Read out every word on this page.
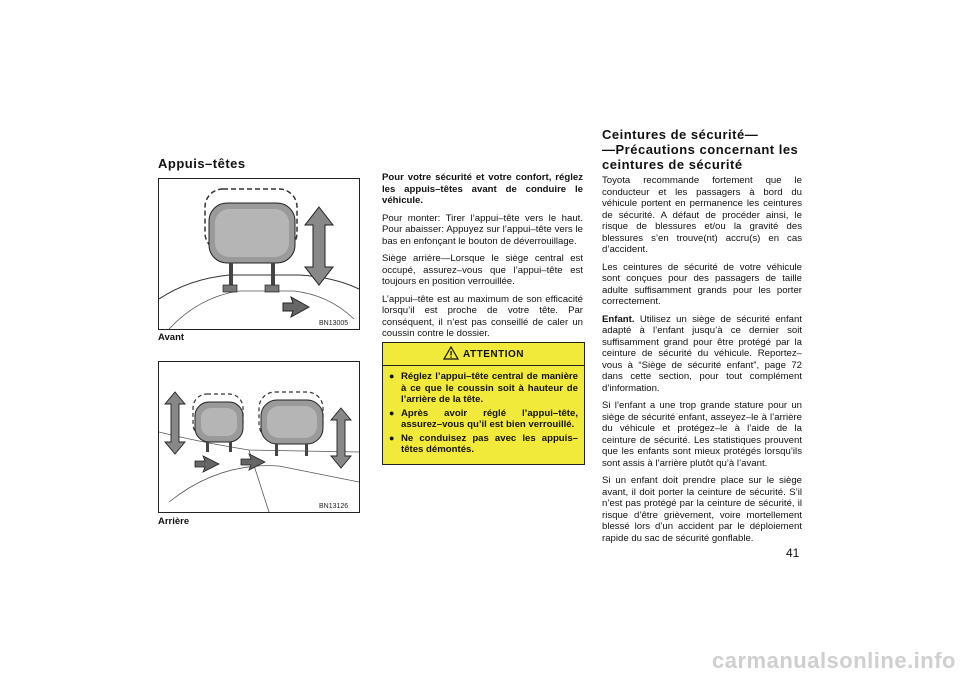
Appuis–têtes
BN13005
Avant
BN13126
Arrière

Pour votre sécurité et votre confort, réglez les appuis–têtes avant de conduire le véhicule.

Pour monter: Tirer l’appui–tête vers le haut. Pour abaisser: Appuyez sur l’appui–tête vers le bas en enfonçant le bouton de déverrouillage.

Siège arrière—Lorsque le siège central est occupé, assurez–vous que l’appui–tête est toujours en position verrouillée.

L’appui–tête est au maximum de son efficacité lorsqu’il est proche de votre tête. Par conséquent, il n’est pas conseillé de caler un coussin contre le dossier.

ATTENTION
● Réglez l’appui–tête central de manière à ce que le coussin soit à hauteur de l’arrière de la tête.
● Après avoir réglé l’appui–tête, assurez–vous qu’il est bien verrouillé.
● Ne conduisez pas avec les appuis–têtes démontés.
Ceintures de sécurité—
—Précautions concernant les
ceintures de sécurité

Toyota recommande fortement que le conducteur et les passagers à bord du véhicule portent en permanence les ceintures de sécurité. A défaut de procéder ainsi, le risque de blessures et/ou la gravité des blessures s’en trouve(nt) accru(s) en cas d’accident.

Les ceintures de sécurité de votre véhicule sont conçues pour des passagers de taille adulte suffisamment grands pour les porter correctement.

Enfant. Utilisez un siège de sécurité enfant adapté à l’enfant jusqu’à ce dernier soit suffisamment grand pour être protégé par la ceinture de sécurité du véhicule. Reportez–vous à “Siège de sécurité enfant”, page 72 dans cette section, pour tout complément d’information.

Si l’enfant a une trop grande stature pour un siège de sécurité enfant, asseyez–le à l’arrière du véhicule et protégez–le à l’aide de la ceinture de sécurité. Les statistiques prouvent que les enfants sont mieux protégés lorsqu’ils sont assis à l’arrière plutôt qu’à l’avant.

Si un enfant doit prendre place sur le siège avant, il doit porter la ceinture de sécurité. S’il n’est pas protégé par la ceinture de sécurité, il risque d’être grièvement, voire mortellement blessé lors d’un accident par le déploiement rapide du sac de sécurité gonflable.

41
carmanualsonline.info
